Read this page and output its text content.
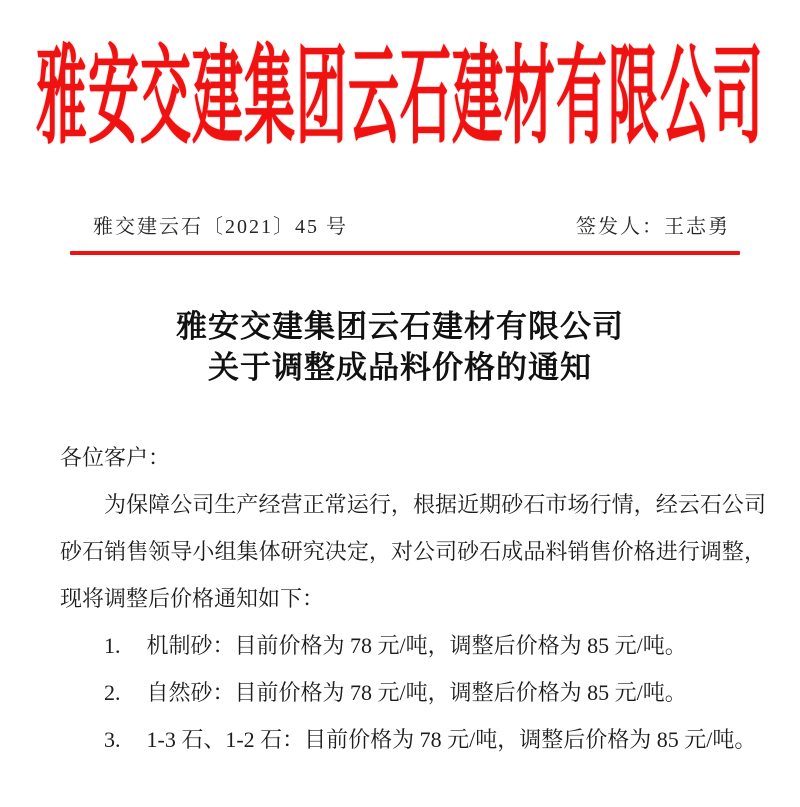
雅安交建集团云石建材有限公司
雅交建云石〔2021〕45 号	签发人：王志勇
雅安交建集团云石建材有限公司
关于调整成品料价格的通知

各位客户：

为保障公司生产经营正常运行，根据近期砂石市场行情，经云石公司砂石销售领导小组集体研究决定，对公司砂石成品料销售价格进行调整，现将调整后价格通知如下：

1. 机制砂：目前价格为 78 元/吨，调整后价格为 85 元/吨。

2. 自然砂：目前价格为 78 元/吨，调整后价格为 85 元/吨。

3. 1-3 石、1-2 石：目前价格为 78 元/吨，调整后价格为 85 元/吨。
